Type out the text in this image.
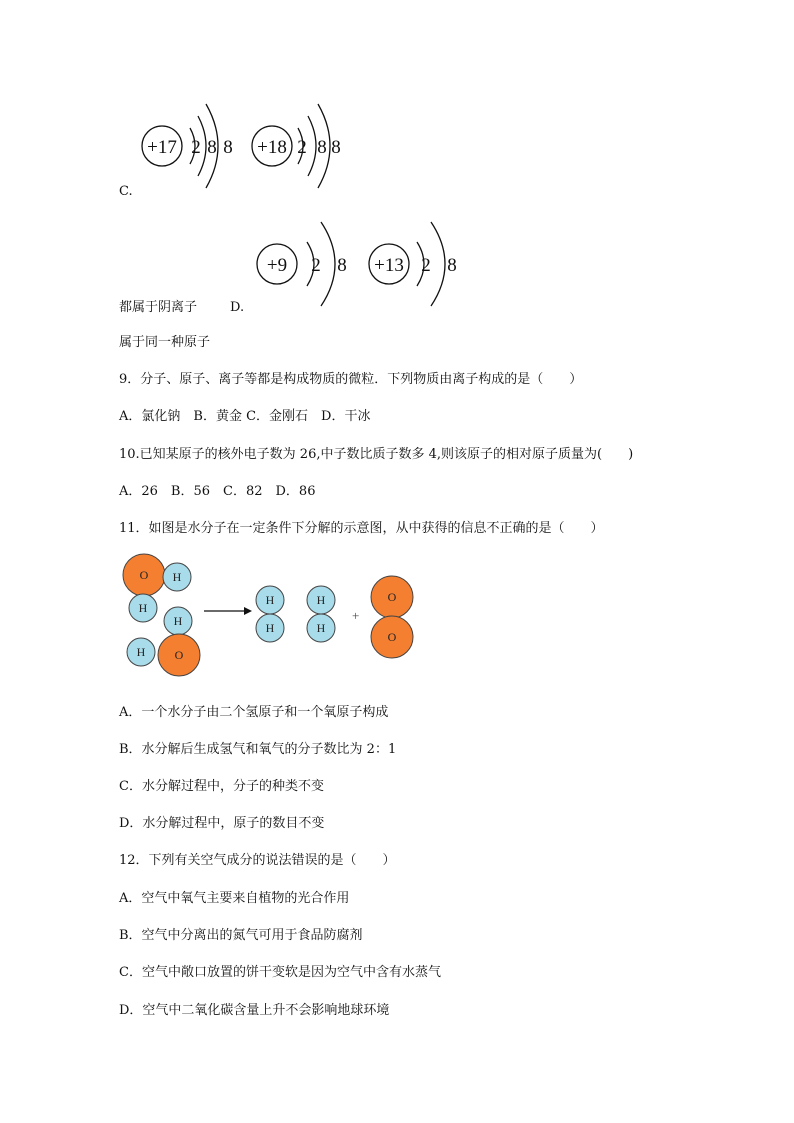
+17 2 8 8 +18 2 8 8
C.
+9 2 8 +13 2 8
都属于阴离子	D.
属于同一种原子
9．分子、原子、离子等都是构成物质的微粒．下列物质由离子构成的是（　　）
A．氯化钠　B．黄金 C．金刚石　D．干冰
10.已知某原子的核外电子数为 26,中子数比质子数多 4,则该原子的相对原子质量为(　　)
A．26　B．56　C．82　D．86
11．如图是水分子在一定条件下分解的示意图，从中获得的信息不正确的是（　　）
O H
H
H
H O
H
H
H
H
+
O
O
A．一个水分子由二个氢原子和一个氧原子构成
B．水分解后生成氢气和氧气的分子数比为 2：1
C．水分解过程中，分子的种类不变
D．水分解过程中，原子的数目不变
12．下列有关空气成分的说法错误的是（　　）
A．空气中氧气主要来自植物的光合作用
B．空气中分离出的氮气可用于食品防腐剂
C．空气中敞口放置的饼干变软是因为空气中含有水蒸气
D．空气中二氧化碳含量上升不会影响地球环境
